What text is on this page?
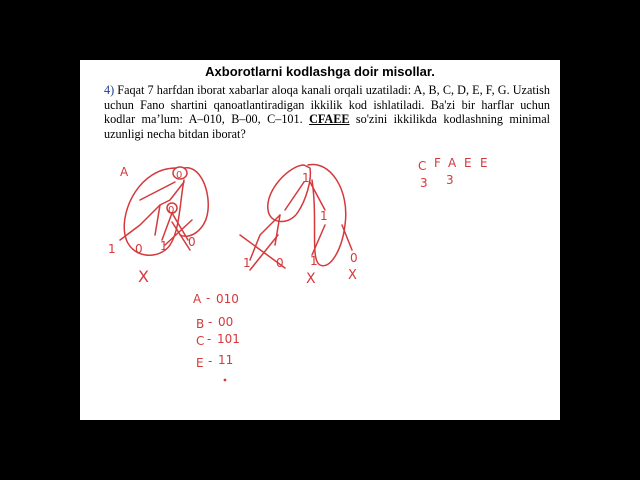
Axborotlarni kodlashga doir misollar.
4) Faqat 7 harfdan iborat xabarlar aloqa kanali orqali uzatiladi: A, B, C, D, E, F, G. Uzatish uchun Fano shartini qanoatlantiradigan ikkilik kod ishlatiladi. Ba'zi bir harflar uchun kodlar ma’lum: A–010, B–00, C–101. CFAEE so'zini ikkilikda kodlashning minimal uzunligi necha bitdan iborat?
A	0
0
1 0 1 0
X
1
1
1 0 1	0
X X
C F A E E
3 3
A - 010
B - 00
C - 101
E - 11
